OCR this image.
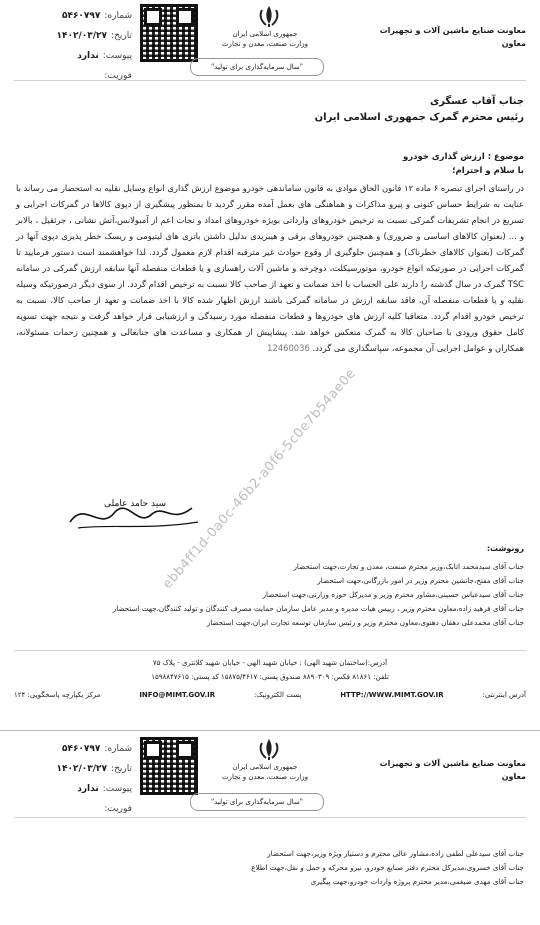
شماره:
۵۴۶۰۷۹۷
تاریخ:
۱۴۰۲/۰۳/۲۷
پیوست:
ندارد
فوریت:
جمهوری اسلامی ایران
وزارت صنعت، معدن و تجارت
معاونت صنایع ماشین آلات و تجهیزات
معاون
"سال سرمایه‌گذاری برای تولید"
جناب آقاب عسگری
رئیس محترم گمرک جمهوری اسلامی ایران
موضوع : ارزش گذاری خودرو
با سلام و احترام؛
در راستای اجرای تبصره ۶ ماده ۱۲ قانون الحاق موادی به قانون ساماندهی خودرو موضوع ارزش گذاری انواع وسایل نقلیه به استحضار می رساند با عنایت به شرایط حساس کنونی و پیرو مذاکرات و هماهنگی های بعمل آمده مقرر گردید تا بمنظور پیشگیری از دپوی کالاها در گمرکات اجرایی و تسریع در انجام تشریفات گمرکی نسبت به ترخیص خودروهای وارداتی بویژه خودروهای امداد و نجات اعم از آمبولانس،آتش نشانی ، جرثقیل ، بالابر و ... (بعنوان کالاهای اساسی و ضروری) و همچنین خودروهای برقی و هیبریدی بدلیل داشتن باتری های لیتیومی و ریسک خطر پذیری دپوی آنها در گمرکات (بعنوان کالاهای خطرناک) و همچنین جلوگیری از وقوع حوادث غیر مترقبه اقدام لازم معمول گردد. لذا خواهشمند است دستور فرمایید تا گمرکات اجرایی در صورتیکه انواع خودرو، موتورسیکلت، دوچرخه و ماشین آلات راهسازی و یا قطعات منفصله آنها سابقه ارزش گمرکی در سامانه TSC گمرک در سال گذشته را دارند علی الحساب با اخذ ضمانت و تعهد از صاحب کالا نسبت به ترخیص اقدام گردد. از سوی دیگر درصورتیکه وسیله نقلیه و یا قطعات منفصله آن، فاقد سابقه ارزش در سامانه گمرکی باشند ارزش اظهار شده کالا با اخذ ضمانت و تعهد از صاحب کالا، نسبت به ترخیص خودرو اقدام گردد. متعاقبا کلیه ارزش های خودروها و قطعات منفصله مورد رسیدگی و ارزشیابی قرار خواهد گرفت و نتیجه جهت تسویه کامل حقوق ورودی با صاحبان کالا به گمرک منعکس خواهد شد. پیشاپیش از همکاری و مساعدت های جنابعالی و همچنین زحمات مسئولانه، همکاران و عوامل اجرایی آن مجموعه، سپاسگذاری می گردد. 12460036
سید حامد عاملی
ebb4ff1d-0a0c-46b2-a0f6-5c0e7b54ae0e	رونوشت:
جناب آقای سیدمحمد اتابک،وزیر محترم صنعت، معدن و تجارت،جهت استحضار
جناب آقای مفتح،جانشین محترم وزیر در امور بازرگانی،جهت استحضار
جناب آقای سیدعباس حسینی،مشاور محترم وزیر و مدیرکل حوزه وزارتی،جهت استحضار
جناب آقای فرهید زاده،معاون محترم وزیر ، رییس هیات مدیره و مدیر عامل سازمان حمایت مصرف کنندگان و تولید کنندگان،جهت استحضار
جناب آقای محمدعلی دهقان دهنوی،معاون محترم وزیر و رئیس سازمان توسعه تجارت ایران،جهت استحضار
آدرس:(ساختمان شهید الهی) : خیابان شهید الهی - خیابان شهید کلانتری - پلاک ۷۵
تلفن: ۸۱۸۶۱ فکس: ۸۸۹۰۳۰۹ صندوق پستی: ۱۵۸۷۵/۴۶۱۷ کد پستی: ۱۵۹۸۸۴۷۶۱۵
آدرس اینترنتی:
HTTP://WWW.MIMT.GOV.IR
پست الکترونیک:
INFO@MIMT.GOV.IR
مرکز یکپارچه پاسخگویی: ۱۲۴
شماره:
۵۴۶۰۷۹۷
تاریخ:
۱۴۰۲/۰۳/۲۷
پیوست:
ندارد
فوریت:
جمهوری اسلامی ایران
وزارت صنعت، معدن و تجارت
معاونت صنایع ماشین آلات و تجهیزات
معاون
"سال سرمایه‌گذاری برای تولید"
جناب آقای سیدعلی لطفی زاده،مشاور عالی محترم و دستیار ویژه وزیر،جهت استحضار
جناب آقای خسروی،مدیرکل محترم دفتر صنایع خودرو، نیرو محرکه و حمل و نقل،جهت اطلاع
جناب آقای مهدی ضیغمی،مدیر محترم پروژه واردات خودرو،جهت پیگیری
